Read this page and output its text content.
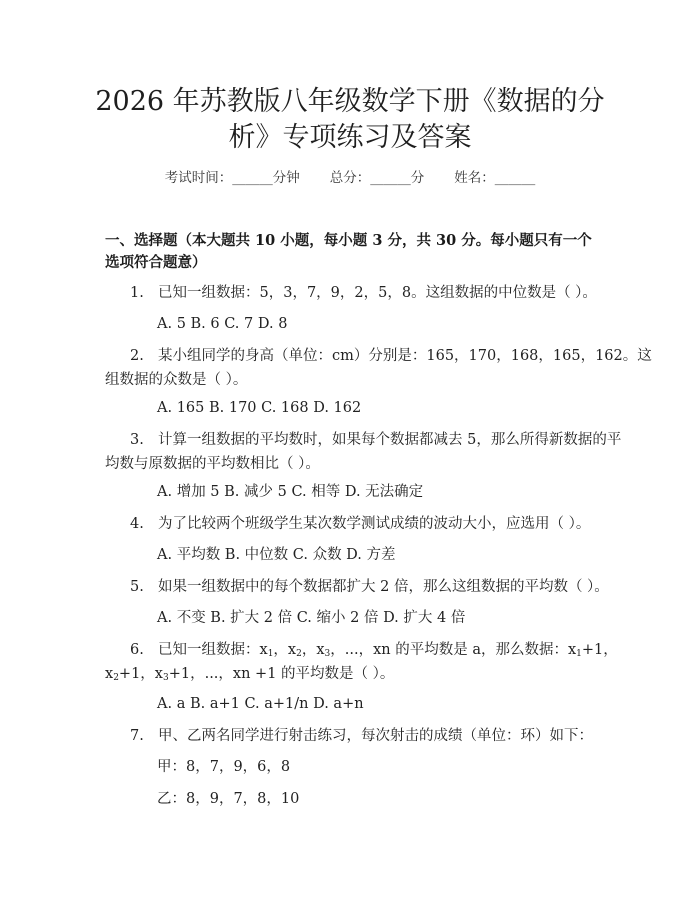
2026 年苏教版八年级数学下册《数据的分
析》专项练习及答案
考试时间：______分钟 总分：______分 姓名：______
一、选择题（本大题共 10 小题，每小题 3 分，共 30 分。每小题只有一个选项符合题意）
1. 已知一组数据：5，3，7，9，2，5，8。这组数据的中位数是（ ）。
A. 5 B. 6 C. 7 D. 8
2. 某小组同学的身高（单位：cm）分别是：165，170，168，165，162。这
组数据的众数是（ ）。
A. 165 B. 170 C. 168 D. 162
3. 计算一组数据的平均数时，如果每个数据都减去 5，那么所得新数据的平
均数与原数据的平均数相比（ ）。
A. 增加 5 B. 减少 5 C. 相等 D. 无法确定
4. 为了比较两个班级学生某次数学测试成绩的波动大小，应选用（ ）。
A. 平均数 B. 中位数 C. 众数 D. 方差
5. 如果一组数据中的每个数据都扩大 2 倍，那么这组数据的平均数（ ）。
A. 不变 B. 扩大 2 倍 C. 缩小 2 倍 D. 扩大 4 倍
6. 已知一组数据：$x_1$，$x_2$，$x_3$，...，xn 的平均数是 a，那么数据：$x_1+1$，
$x_2+1$，$x_3+1$，...，xn +1 的平均数是（ ）。
A. a B. a+1 C. a+1/n D. a+n
7. 甲、乙两名同学进行射击练习，每次射击的成绩（单位：环）如下：
甲：8，7，9，6，8
乙：8，9，7，8，10
